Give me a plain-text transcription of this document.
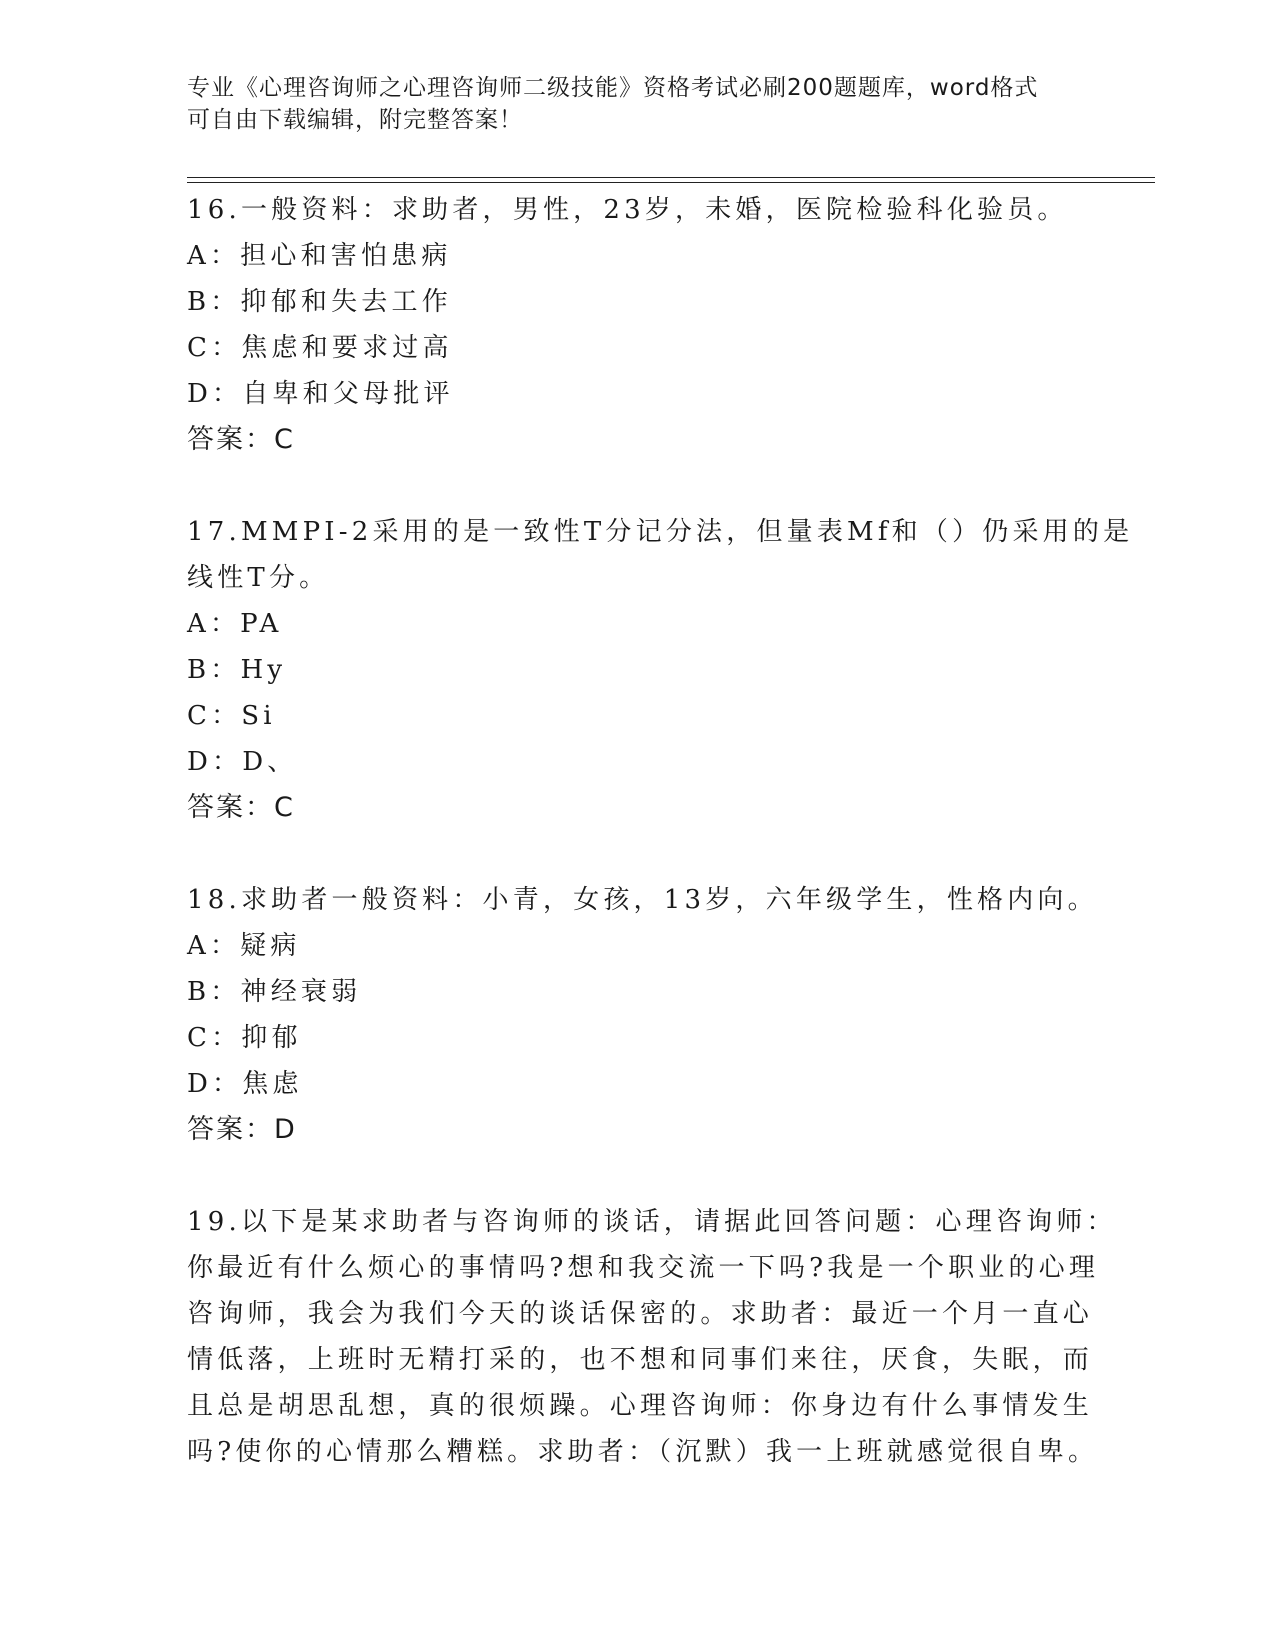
专业《心理咨询师之心理咨询师二级技能》资格考试必刷200题题库，word格式
可自由下载编辑，附完整答案！
16.一般资料：求助者，男性，23岁，未婚，医院检验科化验员。
A：担心和害怕患病
B：抑郁和失去工作
C：焦虑和要求过高
D：自卑和父母批评
答案：C
17.MMPI-2采用的是一致性T分记分法，但量表Mf和（）仍采用的是
线性T分。
A：PA
B：Hy
C：Si
D：D、
答案：C
18.求助者一般资料：小青，女孩，13岁，六年级学生，性格内向。
A：疑病
B：神经衰弱
C：抑郁
D：焦虑
答案：D
19.以下是某求助者与咨询师的谈话，请据此回答问题：心理咨询师：
你最近有什么烦心的事情吗?想和我交流一下吗?我是一个职业的心理
咨询师，我会为我们今天的谈话保密的。求助者：最近一个月一直心
情低落，上班时无精打采的，也不想和同事们来往，厌食，失眠，而
且总是胡思乱想，真的很烦躁。心理咨询师：你身边有什么事情发生
吗?使你的心情那么糟糕。求助者：（沉默）我一上班就感觉很自卑。
